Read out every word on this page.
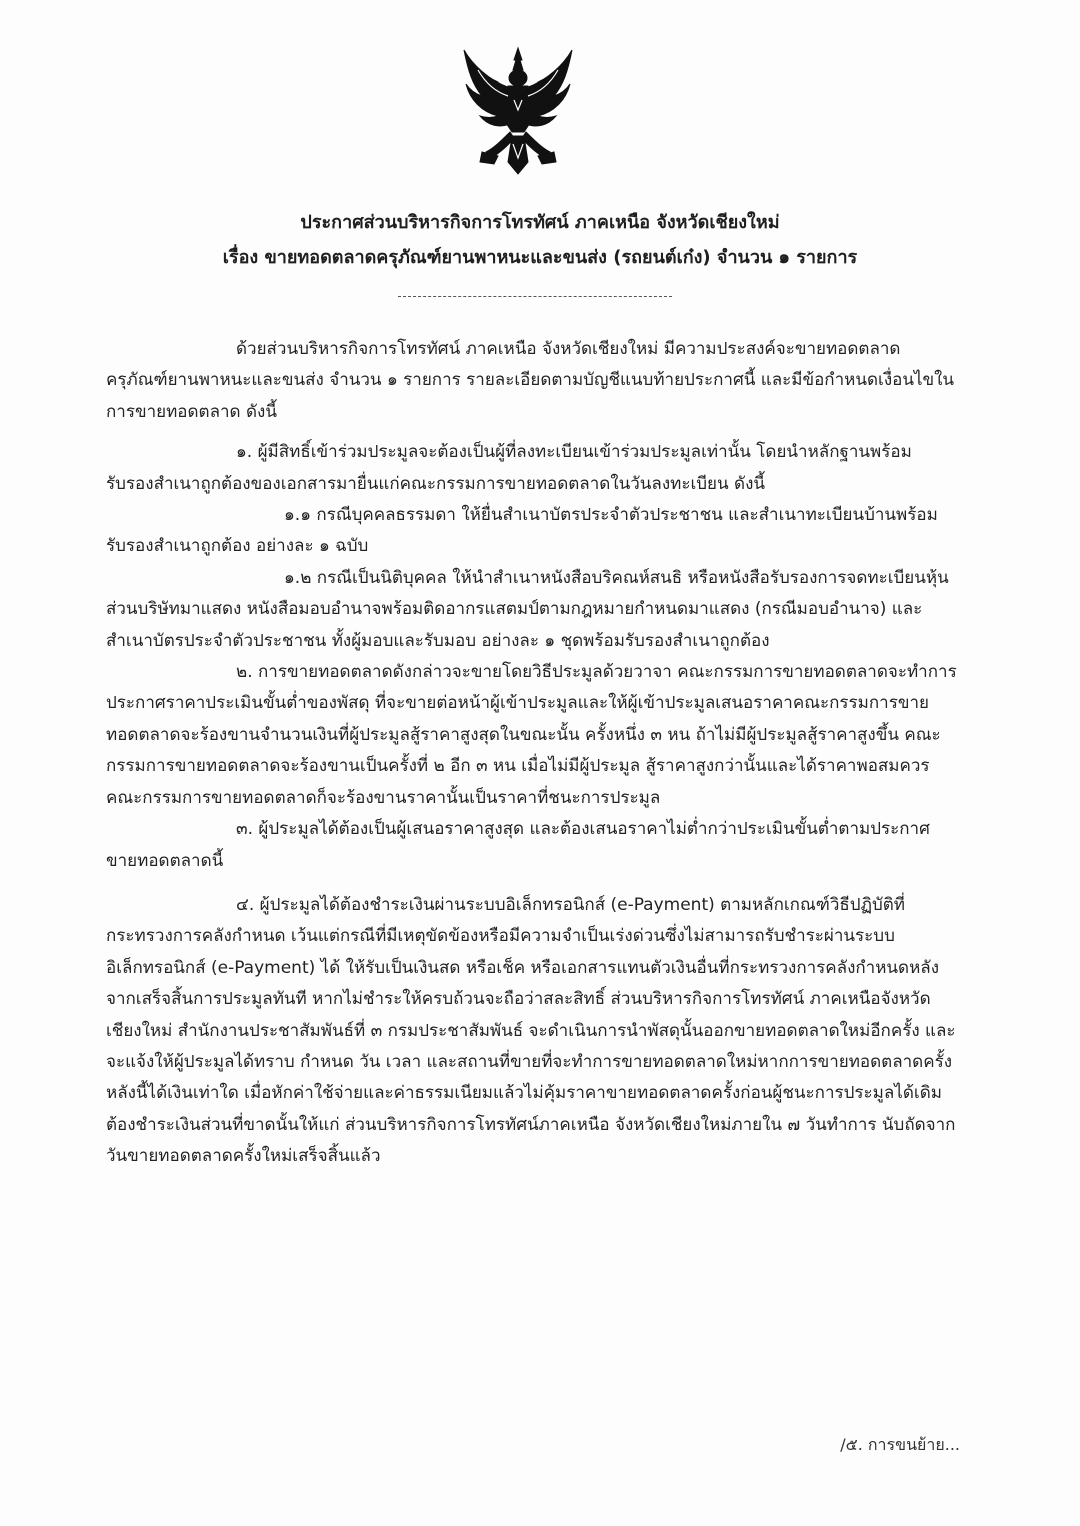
ประกาศส่วนบริหารกิจการโทรทัศน์ ภาคเหนือ จังหวัดเชียงใหม่
เรื่อง ขายทอดตลาดครุภัณฑ์ยานพาหนะและขนส่ง (รถยนต์เก๋ง) จำนวน ๑ รายการ

ด้วยส่วนบริหารกิจการโทรทัศน์ ภาคเหนือ จังหวัดเชียงใหม่ มีความประสงค์จะขายทอดตลาดครุภัณฑ์ยานพาหนะและขนส่ง จำนวน ๑ รายการ รายละเอียดตามบัญชีแนบท้ายประกาศนี้ และมีข้อกำหนดเงื่อนไขในการขายทอดตลาด ดังนี้

๑. ผู้มีสิทธิ์เข้าร่วมประมูลจะต้องเป็นผู้ที่ลงทะเบียนเข้าร่วมประมูลเท่านั้น โดยนำหลักฐานพร้อมรับรองสำเนาถูกต้องของเอกสารมายื่นแก่คณะกรรมการขายทอดตลาดในวันลงทะเบียน ดังนี้

๑.๑ กรณีบุคคลธรรมดา ให้ยื่นสำเนาบัตรประจำตัวประชาชน และสำเนาทะเบียนบ้านพร้อมรับรองสำเนาถูกต้อง อย่างละ ๑ ฉบับ

๑.๒ กรณีเป็นนิติบุคคล ให้นำสำเนาหนังสือบริคณห์สนธิ หรือหนังสือรับรองการจดทะเบียนหุ้นส่วนบริษัทมาแสดง หนังสือมอบอำนาจพร้อมติดอากรแสตมป์ตามกฎหมายกำหนดมาแสดง (กรณีมอบอำนาจ) และสำเนาบัตรประจำตัวประชาชน ทั้งผู้มอบและรับมอบ อย่างละ ๑ ชุดพร้อมรับรองสำเนาถูกต้อง

๒. การขายทอดตลาดดังกล่าวจะขายโดยวิธีประมูลด้วยวาจา คณะกรรมการขายทอดตลาดจะทำการประกาศราคาประเมินขั้นต่ำของพัสดุ ที่จะขายต่อหน้าผู้เข้าประมูลและให้ผู้เข้าประมูลเสนอราคาคณะกรรมการขายทอดตลาดจะร้องขานจำนวนเงินที่ผู้ประมูลสู้ราคาสูงสุดในขณะนั้น ครั้งหนึ่ง ๓ หน ถ้าไม่มีผู้ประมูลสู้ราคาสูงขึ้น คณะกรรมการขายทอดตลาดจะร้องขานเป็นครั้งที่ ๒ อีก ๓ หน เมื่อไม่มีผู้ประมูล สู้ราคาสูงกว่านั้นและได้ราคาพอสมควร คณะกรรมการขายทอดตลาดก็จะร้องขานราคานั้นเป็นราคาที่ชนะการประมูล

๓. ผู้ประมูลได้ต้องเป็นผู้เสนอราคาสูงสุด และต้องเสนอราคาไม่ต่ำกว่าประเมินขั้นต่ำตามประกาศขายทอดตลาดนี้

๔. ผู้ประมูลได้ต้องชำระเงินผ่านระบบอิเล็กทรอนิกส์ (e-Payment) ตามหลักเกณฑ์วิธีปฏิบัติที่กระทรวงการคลังกำหนด เว้นแต่กรณีที่มีเหตุขัดข้องหรือมีความจำเป็นเร่งด่วนซึ่งไม่สามารถรับชำระผ่านระบบอิเล็กทรอนิกส์ (e-Payment) ได้ ให้รับเป็นเงินสด หรือเช็ค หรือเอกสารแทนตัวเงินอื่นที่กระทรวงการคลังกำหนดหลังจากเสร็จสิ้นการประมูลทันที หากไม่ชำระให้ครบถ้วนจะถือว่าสละสิทธิ์ ส่วนบริหารกิจการโทรทัศน์ ภาคเหนือจังหวัดเชียงใหม่ สำนักงานประชาสัมพันธ์ที่ ๓ กรมประชาสัมพันธ์ จะดำเนินการนำพัสดุนั้นออกขายทอดตลาดใหม่อีกครั้ง และจะแจ้งให้ผู้ประมูลได้ทราบ กำหนด วัน เวลา และสถานที่ขายที่จะทำการขายทอดตลาดใหม่หากการขายทอดตลาดครั้งหลังนี้ได้เงินเท่าใด เมื่อหักค่าใช้จ่ายและค่าธรรมเนียมแล้วไม่คุ้มราคาขายทอดตลาดครั้งก่อนผู้ชนะการประมูลได้เดิมต้องชำระเงินส่วนที่ขาดนั้นให้แก่ ส่วนบริหารกิจการโทรทัศน์ภาคเหนือ จังหวัดเชียงใหม่ภายใน ๗ วันทำการ นับถัดจากวันขายทอดตลาดครั้งใหม่เสร็จสิ้นแล้ว

/๕. การขนย้าย...
